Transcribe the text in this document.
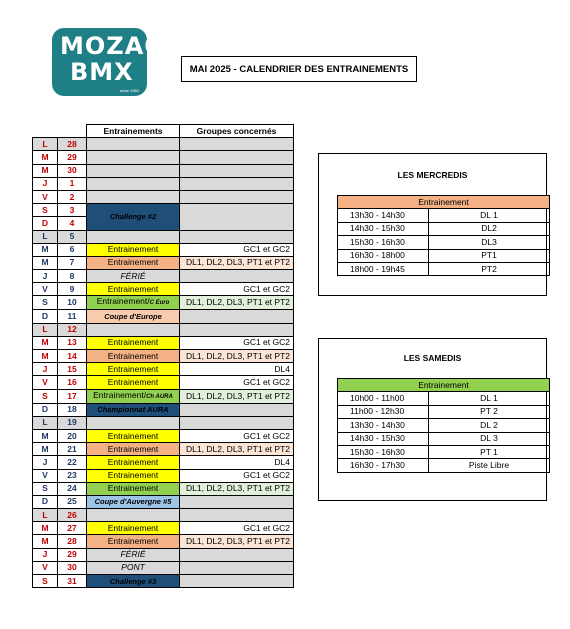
MOZAC
BMX
since 1982
MAI 2025 - CALENDRIER DES ENTRAINEMENTS
		Entrainements	Groupes concernés
L	28		
M	29		
M	30		
J	1		
V	2		
S	3	Challenge #2	
D	4		
L	5		
M	6	Entrainement	GC1 et GC2
M	7	Entrainement	DL1, DL2, DL3, PT1 et PT2
J	8	FÉRIÉ	
V	9	Entrainement	GC1 et GC2
S	10	Entrainement/C Euro	DL1, DL2, DL3, PT1 et PT2
D	11	Coupe d'Europe	
L	12		
M	13	Entrainement	GC1 et GC2
M	14	Entrainement	DL1, DL2, DL3, PT1 et PT2
J	15	Entrainement	DL4
V	16	Entrainement	GC1 et GC2
S	17	Entrainement/Ch AURA	DL1, DL2, DL3, PT1 et PT2
D	18	Championnat AURA	
L	19		
M	20	Entrainement	GC1 et GC2
M	21	Entrainement	DL1, DL2, DL3, PT1 et PT2
J	22	Entrainement	DL4
V	23	Entrainement	GC1 et GC2
S	24	Entrainement	DL1, DL2, DL3, PT1 et PT2
D	25	Coupe d'Auvergne #5	
L	26		
M	27	Entrainement	GC1 et GC2
M	28	Entrainement	DL1, DL2, DL3, PT1 et PT2
J	29	FÉRIÉ	
V	30	PONT	
S	31	Challenge #3	
LES MERCREDIS
Entrainement	
13h30 - 14h30	DL 1
14h30 - 15h30	DL2
15h30 - 16h30	DL3
16h30 - 18h00	PT1
18h00 - 19h45	PT2
LES SAMEDIS
Entrainement	
10h00 - 11h00	DL 1
11h00 - 12h30	PT 2
13h30 - 14h30	DL 2
14h30 - 15h30	DL 3
15h30 - 16h30	PT 1
16h30 - 17h30	Piste Libre
